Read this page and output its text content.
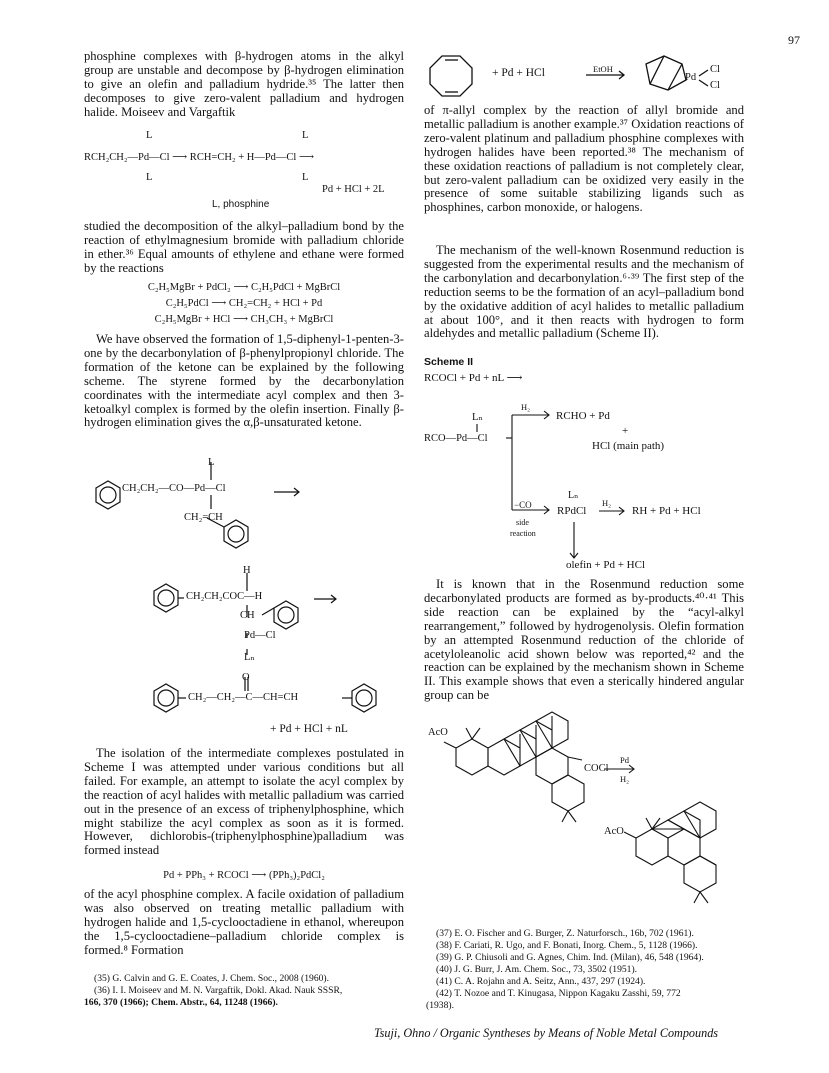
97

phosphine complexes with β-hydrogen atoms in the alkyl group are unstable and decompose by β-hydrogen elimination to give an olefin and palladium hydride.³⁵ The latter then decomposes to give zero-valent palladium and hydrogen halide. Moiseev and Vargaftik

L	L
RCH₂CH₂—Pd—Cl ⟶ RCH=CH₂ + H—Pd—Cl ⟶
L	L
Pd + HCl + 2L
L, phosphine

studied the decomposition of the alkyl–palladium bond by the reaction of ethylmagnesium bromide with palladium chloride in ether.³⁶ Equal amounts of ethylene and ethane were formed by the reactions

C₂H₅MgBr + PdCl₂ ⟶ C₂H₅PdCl + MgBrCl
C₂H₅PdCl ⟶ CH₂=CH₂ + HCl + Pd
C₂H₅MgBr + HCl ⟶ CH₃CH₃ + MgBrCl

We have observed the formation of 1,5-diphenyl-1-penten-3-one by the decarbonylation of β-phenylpropionyl chloride. The formation of the ketone can be explained by the following scheme. The styrene formed by the decarbonylation coordinates with the intermediate acyl complex and then 3-ketoalkyl complex is formed by the olefin insertion. Finally β-hydrogen elimination gives the α,β-unsaturated ketone.

L
CH₂CH₂—CO—Pd—Cl
CH₂=CH
H
CH₂CH₂COC—H
CH
Pd—Cl
Lₙ
O
CH₂—CH₂—C—CH=CH
+ Pd + HCl + nL

The isolation of the intermediate complexes postulated in Scheme I was attempted under various conditions but all failed. For example, an attempt to isolate the acyl complex by the reaction of acyl halides with metallic palladium was carried out in the presence of an excess of triphenylphosphine, which might stabilize the acyl complex as soon as it is formed. However, dichlorobis-(triphenylphosphine)palladium was formed instead

Pd + PPh₃ + RCOCl ⟶ (PPh₃)₂PdCl₂

of the acyl phosphine complex. A facile oxidation of palladium was also observed on treating metallic palladium with hydrogen halide and 1,5-cyclooctadiene in ethanol, whereupon the 1,5-cyclooctadiene–palladium chloride complex is formed.⁸ Formation

(35) G. Calvin and G. E. Coates, J. Chem. Soc., 2008 (1960).
(36) I. I. Moiseev and M. N. Vargaftik, Dokl. Akad. Nauk SSSR,
166, 370 (1966); Chem. Abstr., 64, 11248 (1966).
+ Pd + HCl	EtOH
Pd
Cl
Cl

of π-allyl complex by the reaction of allyl bromide and metallic palladium is another example.³⁷ Oxidation reactions of zero-valent platinum and palladium phosphine complexes with hydrogen halides have been reported.³⁸ The mechanism of these oxidation reactions of palladium is not completely clear, but zero-valent palladium can be oxidized very easily in the presence of some suitable stabilizing ligands such as phosphines, carbon monoxide, or halogens.

The mechanism of the well-known Rosenmund reduction is suggested from the experimental results and the mechanism of the carbonylation and decarbonylation.⁶·³⁹ The first step of the reduction seems to be the formation of an acyl–palladium bond by the oxidative addition of acyl halides to metallic palladium at about 100°, and it then reacts with hydrogen to form aldehydes and metallic palladium (Scheme II).

Scheme II
RCOCl + Pd + nL ⟶
H₂
RCHO + Pd
+
HCl (main path)
Lₙ
RCO—Pd—Cl
−CO
side
reaction
Lₙ
RPdCl
H₂
RH + Pd + HCl
olefin + Pd + HCl

It is known that in the Rosenmund reduction some decarbonylated products are formed as by-products.⁴⁰·⁴¹ This side reaction can be explained by the “acyl-alkyl rearrangement,” followed by hydrogenolysis. Olefin formation by an attempted Rosenmund reduction of the chloride of acetyloleanolic acid shown below was reported,⁴² and the reaction can be explained by the mechanism shown in Scheme II. This example shows that even a sterically hindered angular group can be

AcO
COCl
Pd
H₂
AcO
(37) E. O. Fischer and G. Burger, Z. Naturforsch., 16b, 702 (1961).
(38) F. Cariati, R. Ugo, and F. Bonati, Inorg. Chem., 5, 1128 (1966).
(39) G. P. Chiusoli and G. Agnes, Chim. Ind. (Milan), 46, 548 (1964).
(40) J. G. Burr, J. Am. Chem. Soc., 73, 3502 (1951).
(41) C. A. Rojahn and A. Seitz, Ann., 437, 297 (1924).
(42) T. Nozoe and T. Kinugasa, Nippon Kagaku Zasshi, 59, 772
(1938).
Tsuji, Ohno / Organic Syntheses by Means of Noble Metal Compounds
